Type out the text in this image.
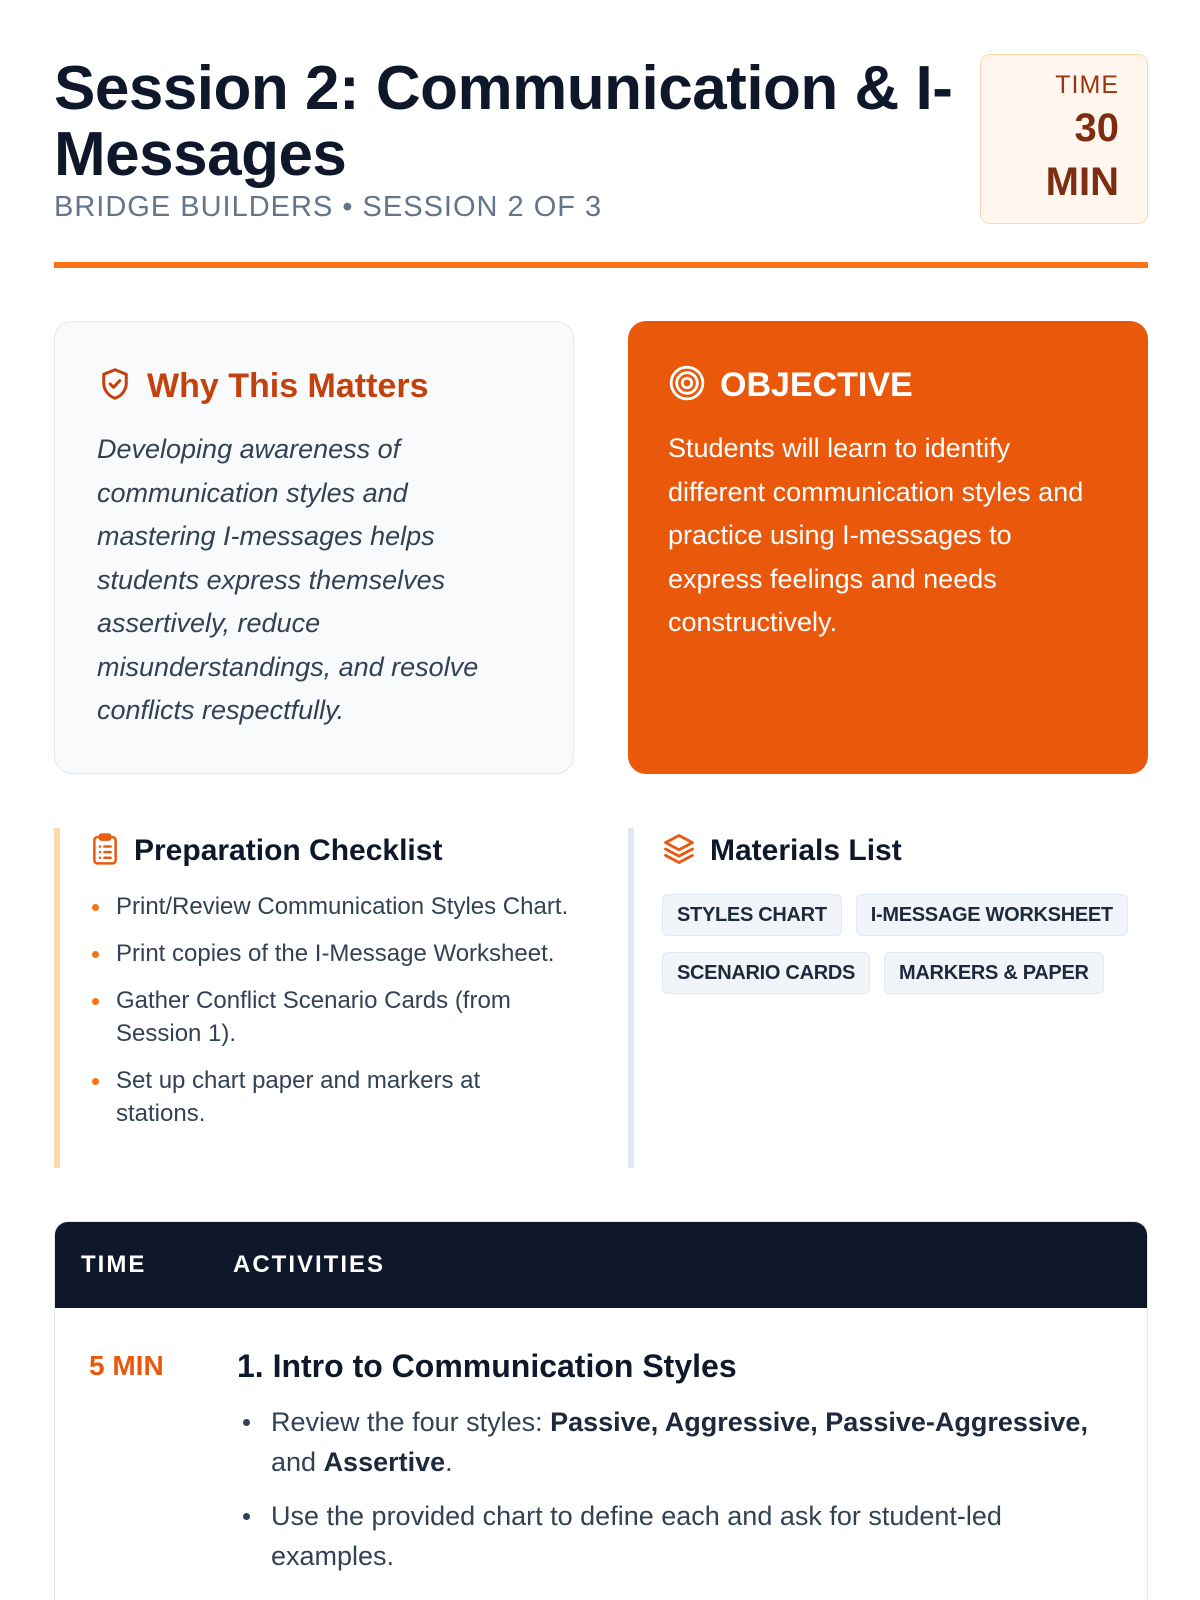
Session 2: Communication & I-Messages
BRIDGE BUILDERS • SESSION 2 OF 3
TIME
30
MIN
Why This Matters

Developing awareness of communication styles and mastering I-messages helps students express themselves assertively, reduce misunderstandings, and resolve conflicts respectfully.

OBJECTIVE

Students will learn to identify different communication styles and practice using I-messages to express feelings and needs constructively.

Preparation Checklist
Print/Review Communication Styles Chart.
Print copies of the I-Message Worksheet.
Gather Conflict Scenario Cards (from Session 1).
Set up chart paper and markers at stations.
Materials List
STYLES CHART	I-MESSAGE WORKSHEET
SCENARIO CARDS	MARKERS & PAPER
TIME	ACTIVITIES
5 MIN	1. Intro to Communication Styles
Review the four styles: Passive, Aggressive, Passive-Aggressive, and Assertive.
Use the provided chart to define each and ask for student-led examples.
